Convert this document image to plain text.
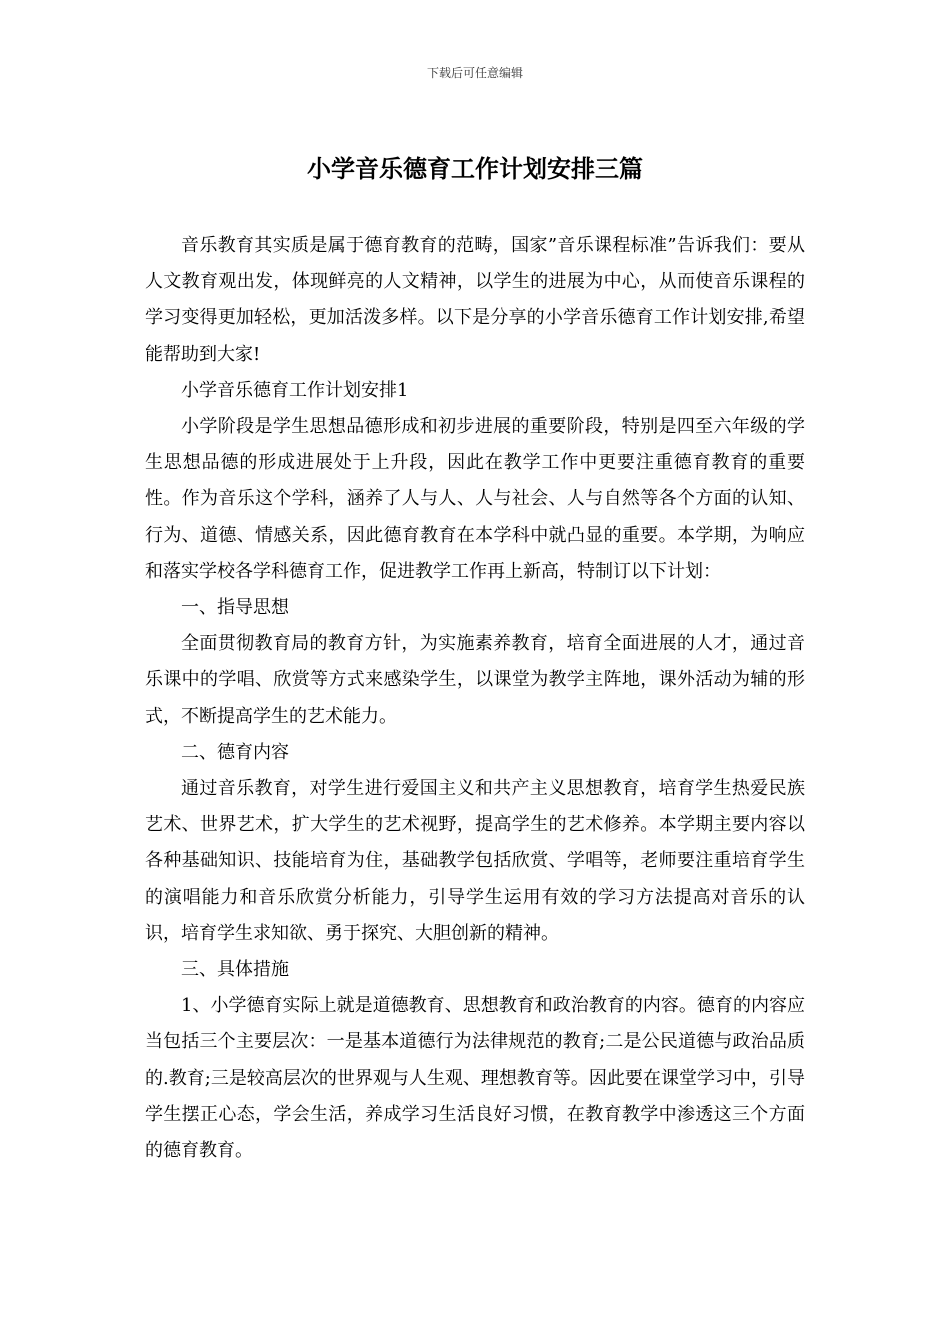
下载后可任意编辑
小学音乐德育工作计划安排三篇

音乐教育其实质是属于德育教育的范畴，国家”音乐课程标准”告诉我们：要从人文教育观出发，体现鲜亮的人文精神，以学生的进展为中心，从而使音乐课程的学习变得更加轻松，更加活泼多样。以下是分享的小学音乐德育工作计划安排,希望能帮助到大家!

小学音乐德育工作计划安排1

小学阶段是学生思想品德形成和初步进展的重要阶段，特别是四至六年级的学生思想品德的形成进展处于上升段，因此在教学工作中更要注重德育教育的重要性。作为音乐这个学科，涵养了人与人、人与社会、人与自然等各个方面的认知、行为、道德、情感关系，因此德育教育在本学科中就凸显的重要。本学期，为响应和落实学校各学科德育工作，促进教学工作再上新高，特制订以下计划：

一、指导思想

全面贯彻教育局的教育方针，为实施素养教育，培育全面进展的人才，通过音乐课中的学唱、欣赏等方式来感染学生，以课堂为教学主阵地，课外活动为辅的形式，不断提高学生的艺术能力。

二、德育内容

通过音乐教育，对学生进行爱国主义和共产主义思想教育，培育学生热爱民族艺术、世界艺术，扩大学生的艺术视野，提高学生的艺术修养。本学期主要内容以各种基础知识、技能培育为住，基础教学包括欣赏、学唱等，老师要注重培育学生的演唱能力和音乐欣赏分析能力，引导学生运用有效的学习方法提高对音乐的认识，培育学生求知欲、勇于探究、大胆创新的精神。

三、具体措施

1、小学德育实际上就是道德教育、思想教育和政治教育的内容。德育的内容应当包括三个主要层次：一是基本道德行为法律规范的教育;二是公民道德与政治品质的.教育;三是较高层次的世界观与人生观、理想教育等。因此要在课堂学习中，引导学生摆正心态，学会生活，养成学习生活良好习惯，在教育教学中渗透这三个方面的德育教育。
